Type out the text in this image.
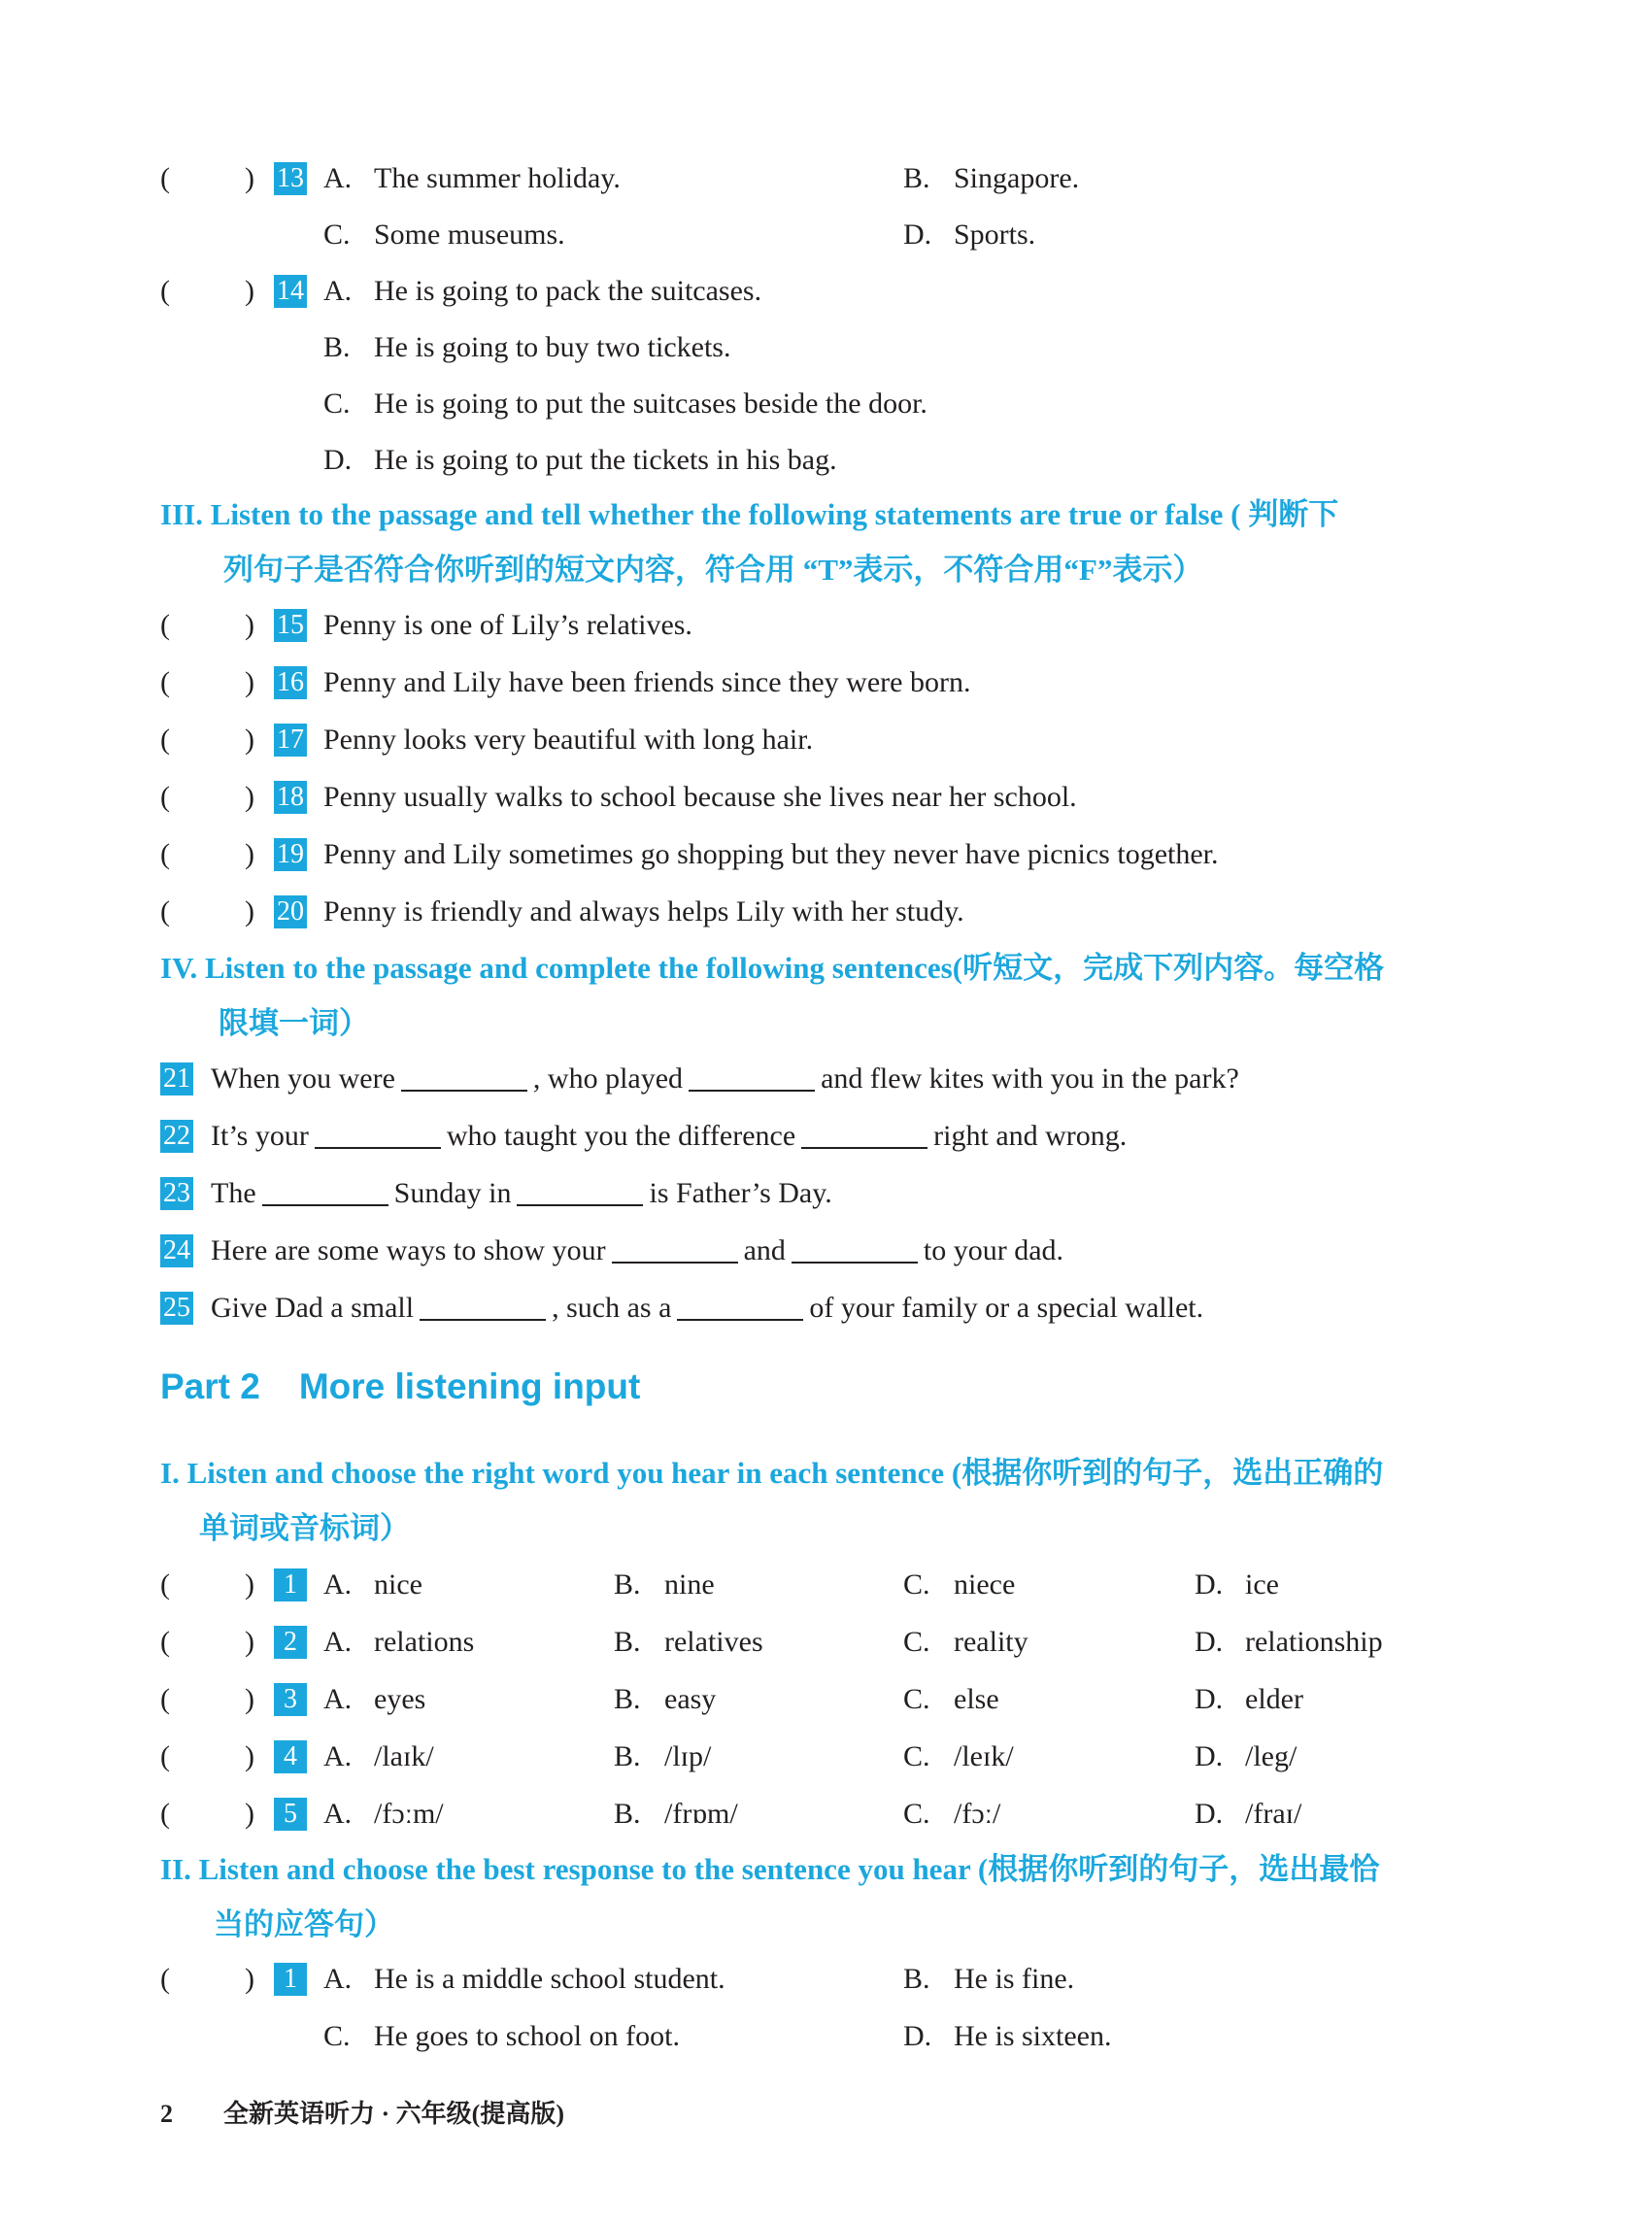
(	) 13 A. The summer holiday.	B. Singapore.
C. Some museums.	D. Sports.
(	) 14 A. He is going to pack the suitcases.
B. He is going to buy two tickets.
C. He is going to put the suitcases beside the door.
D. He is going to put the tickets in his bag.
III. Listen to the passage and tell whether the following statements are true or false ( 判断下
列句子是否符合你听到的短文内容，符合用 “T”表示，不符合用“F”表示）
(	) 15 Penny is one of Lily’s relatives.
(	) 16 Penny and Lily have been friends since they were born.
(	) 17 Penny looks very beautiful with long hair.
(	) 18 Penny usually walks to school because she lives near her school.
(	) 19 Penny and Lily sometimes go shopping but they never have picnics together.
(	) 20 Penny is friendly and always helps Lily with her study.
IV. Listen to the passage and complete the following sentences(听短文，完成下列内容。每空格
限填一词）
21 When you were	, who played	and flew kites with you in the park?
22 It’s your	who taught you the difference	right and wrong.
23 The	Sunday in	is Father’s Day.
24 Here are some ways to show your	and	to your dad.
25 Give Dad a small	, such as a	of your family or a special wallet.
Part 2 More listening input
I. Listen and choose the right word you hear in each sentence (根据你听到的句子，选出正确的
单词或音标词）
(	)	1 A. nice	B. nine	C. niece	D. ice
(	)	2 A. relations	B. relatives	C. reality	D. relationship
(	)	3 A. eyes	B. easy	C. else	D. elder
(	)	4 A. /laɪk/	B. /lɪp/	C. /leɪk/	D. /leg/
(	)	5 A. /fɔːm/	B. /frɒm/	C. /fɔː/	D. /fraɪ/
II. Listen and choose the best response to the sentence you hear (根据你听到的句子，选出最恰
当的应答句）
(	)	1 A. He is a middle school student.	B. He is fine.
C. He goes to school on foot.	D. He is sixteen.
2 全新英语听力 · 六年级(提高版)
